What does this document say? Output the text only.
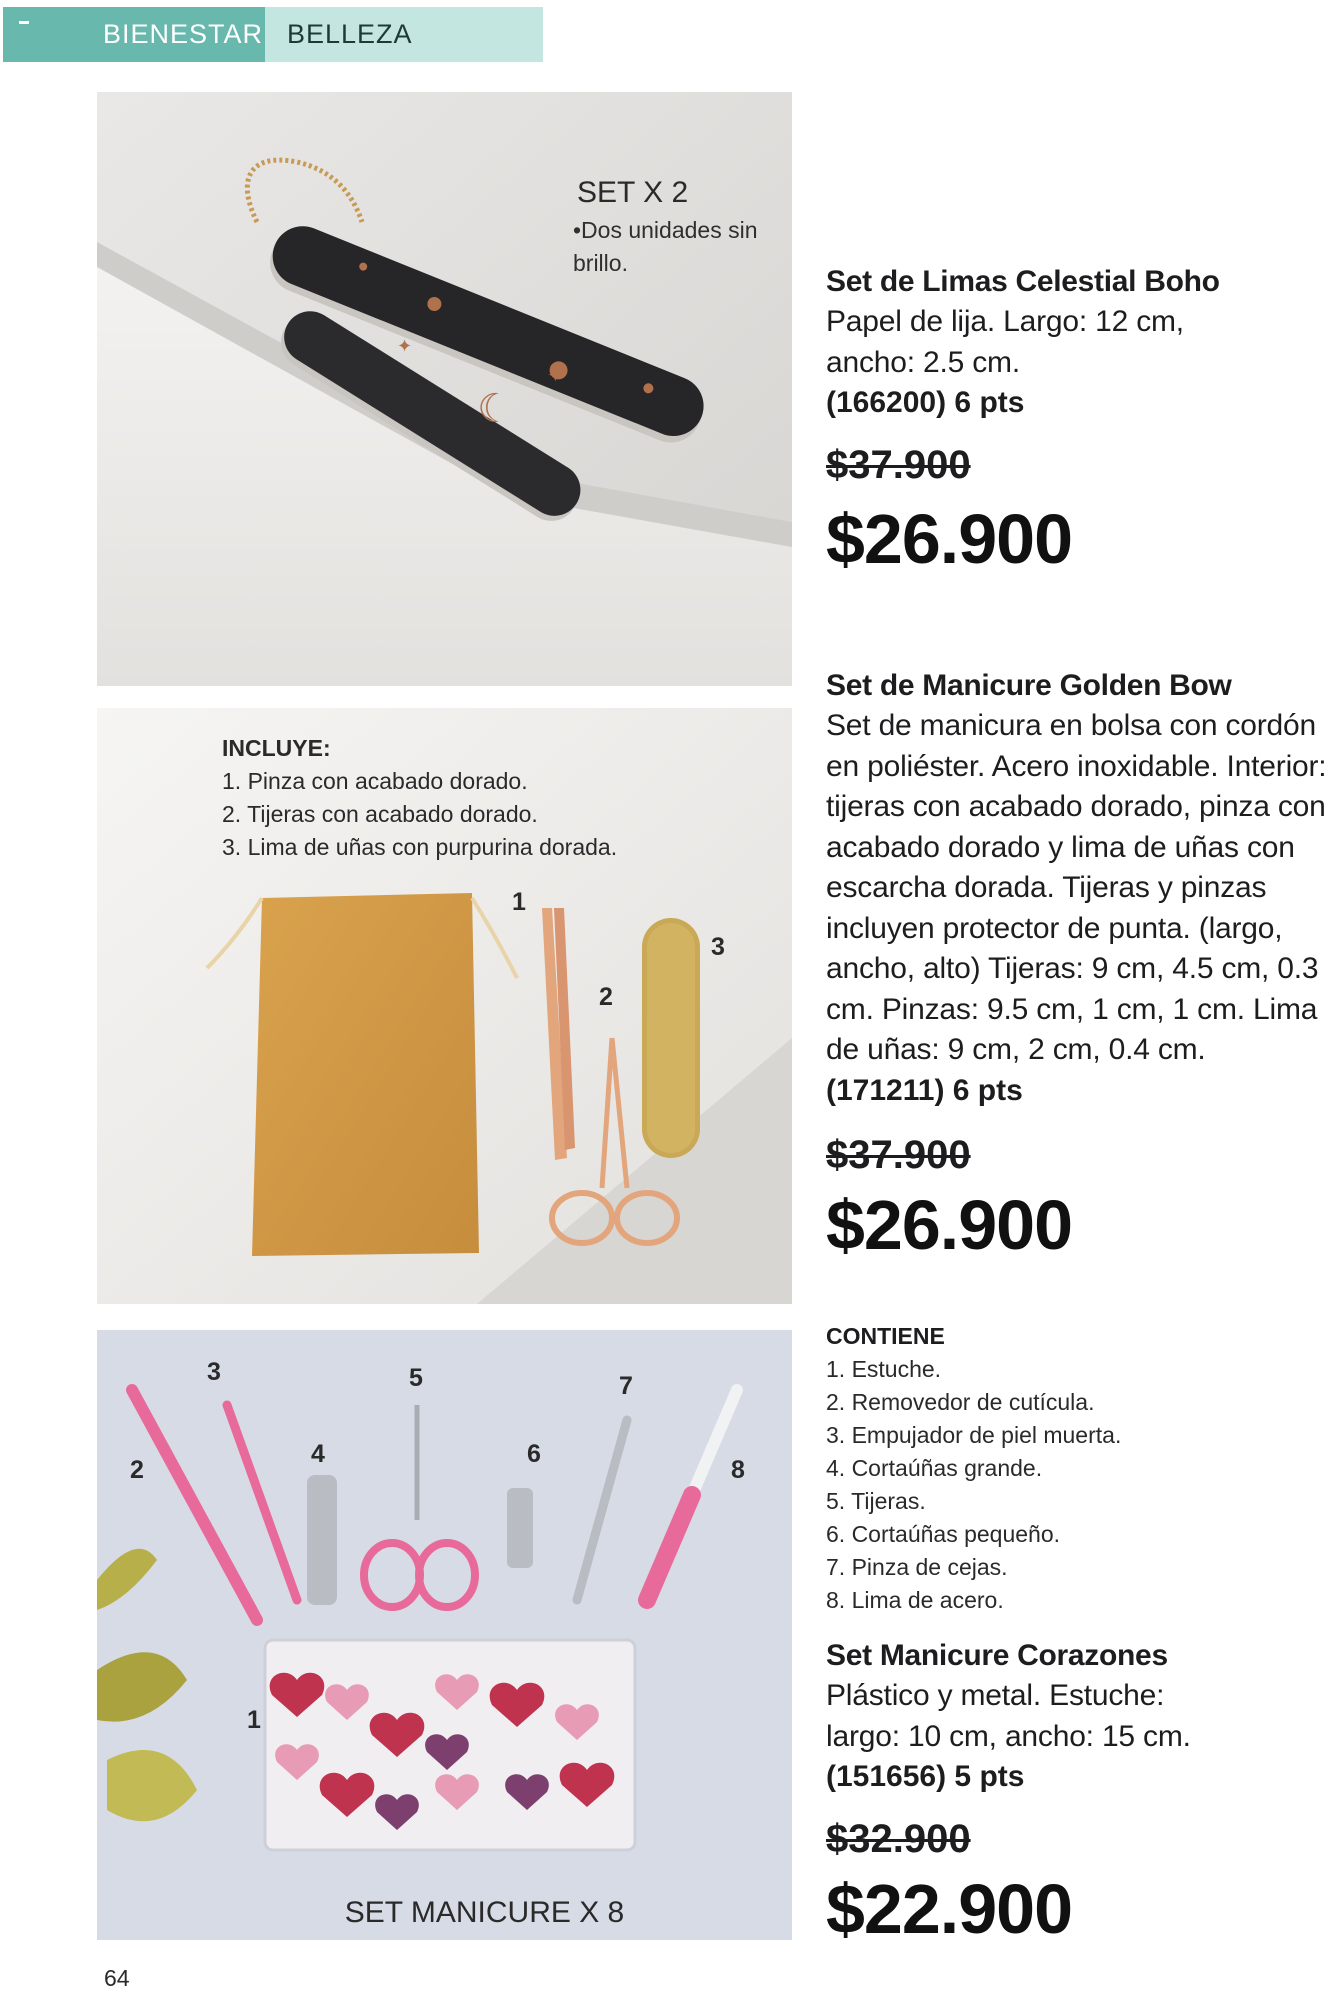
BIENESTAR BELLEZA
☾
✦
✦
SET X 2
•Dos unidades sin brillo.
INCLUYE:
1. Pinza con acabado dorado.
2. Tijeras con acabado dorado.
3. Lima de uñas con purpurina dorada.
1
2
3
1
2
3
4
5
6
7
8
SET MANICURE X 8
Set de Limas Celestial Boho
Papel de lija. Largo: 12 cm, ancho: 2.5 cm.
(166200) 6 pts
$37.900
$26.900
Set de Manicure Golden Bow
Set de manicura en bolsa con cordón en poliéster. Acero inoxidable. Interior: tijeras con acabado dorado, pinza con acabado dorado y lima de uñas con escarcha dorada. Tijeras y pinzas incluyen protector de punta. (largo, ancho, alto) Tijeras: 9 cm, 4.5 cm, 0.3 cm. Pinzas: 9.5 cm, 1 cm, 1 cm. Lima de uñas: 9 cm, 2 cm, 0.4 cm.
(171211) 6 pts
$37.900
$26.900
CONTIENE
1. Estuche.
2. Removedor de cutícula.
3. Empujador de piel muerta.
4. Cortaúñas grande.
5. Tijeras.
6. Cortaúñas pequeño.
7. Pinza de cejas.
8. Lima de acero.
Set Manicure Corazones
Plástico y metal. Estuche: largo: 10 cm, ancho: 15 cm.
(151656) 5 pts
$32.900
$22.900
64
